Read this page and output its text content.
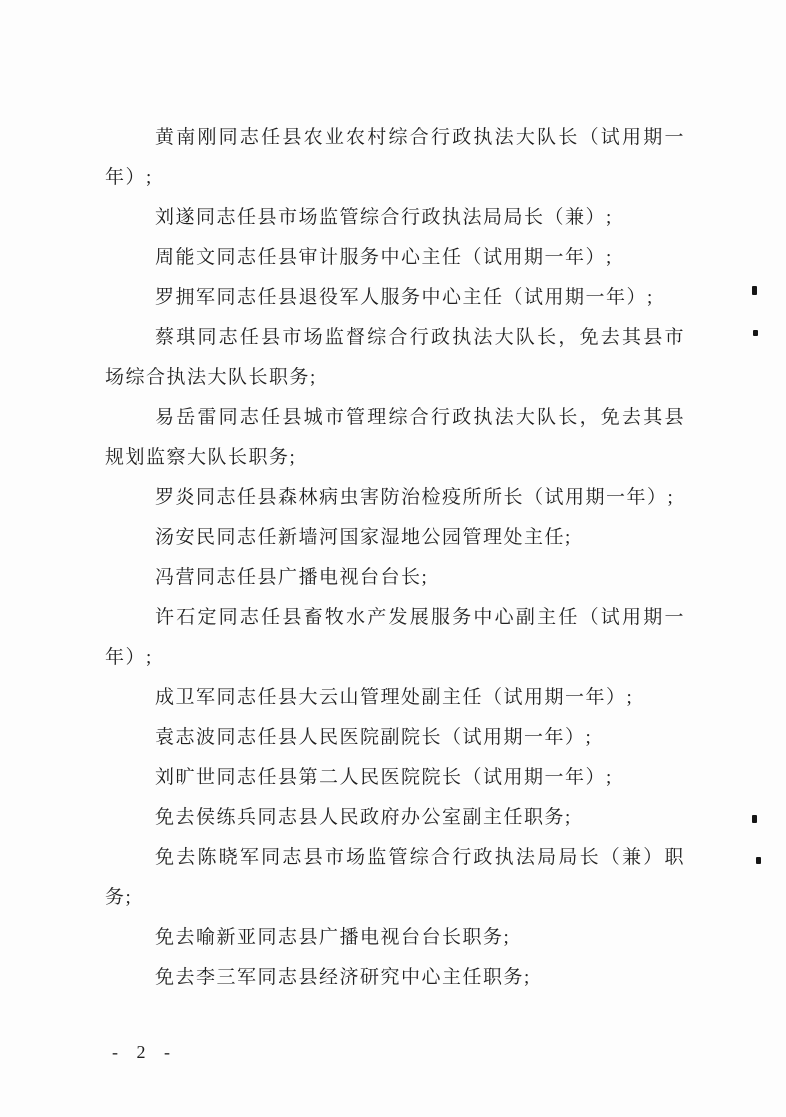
黄南刚同志任县农业农村综合行政执法大队长（试用期一
年）;
刘遂同志任县市场监管综合行政执法局局长（兼）;
周能文同志任县审计服务中心主任（试用期一年）;
罗拥军同志任县退役军人服务中心主任（试用期一年）;
蔡琪同志任县市场监督综合行政执法大队长，免去其县市
场综合执法大队长职务;
易岳雷同志任县城市管理综合行政执法大队长，免去其县
规划监察大队长职务;
罗炎同志任县森林病虫害防治检疫所所长（试用期一年）;
汤安民同志任新墙河国家湿地公园管理处主任;
冯营同志任县广播电视台台长;
许石定同志任县畜牧水产发展服务中心副主任（试用期一
年）;
成卫军同志任县大云山管理处副主任（试用期一年）;
袁志波同志任县人民医院副院长（试用期一年）;
刘旷世同志任县第二人民医院院长（试用期一年）;
免去侯练兵同志县人民政府办公室副主任职务;
免去陈晓军同志县市场监管综合行政执法局局长（兼）职
务;
免去喻新亚同志县广播电视台台长职务;
免去李三军同志县经济研究中心主任职务;
- 2 -
